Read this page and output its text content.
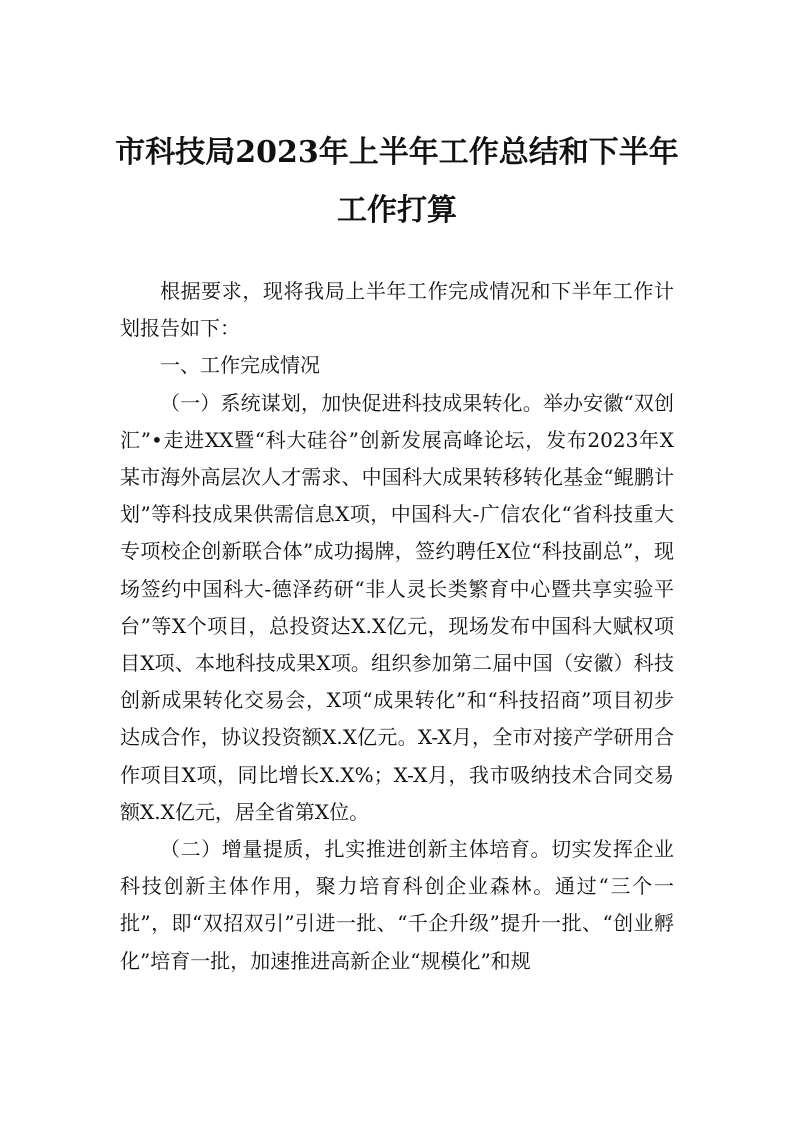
市科技局2023年上半年工作总结和下半年
工作打算

根据要求，现将我局上半年工作完成情况和下半年工作计划报告如下：

一、工作完成情况

（一）系统谋划，加快促进科技成果转化。举办安徽“双创汇”•走进XX暨“科大硅谷”创新发展高峰论坛，发布2023年X某市海外高层次人才需求、中国科大成果转移转化基金“鲲鹏计划”等科技成果供需信息X项，中国科大-广信农化“省科技重大专项校企创新联合体”成功揭牌，签约聘任X位“科技副总”，现场签约中国科大-德泽药研“非人灵长类繁育中心暨共享实验平台”等X个项目，总投资达X.X亿元，现场发布中国科大赋权项目X项、本地科技成果X项。组织参加第二届中国（安徽）科技创新成果转化交易会，X项“成果转化”和“科技招商”项目初步达成合作，协议投资额X.X亿元。X-X月，全市对接产学研用合作项目X项，同比增长X.X%；X-X月，我市吸纳技术合同交易额X.X亿元，居全省第X位。

（二）增量提质，扎实推进创新主体培育。切实发挥企业科技创新主体作用，聚力培育科创企业森林。通过“三个一批”，即“双招双引”引进一批、“千企升级”提升一批、“创业孵化”培育一批，加速推进高新企业“规模化”和规
